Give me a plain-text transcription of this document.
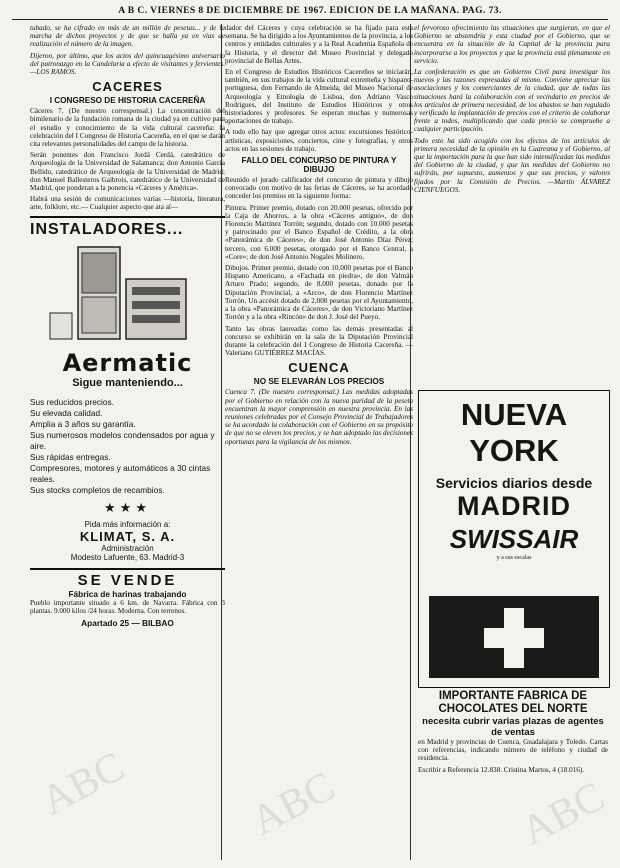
A B C. VIERNES 8 DE DICIEMBRE DE 1967. EDICION DE LA MAÑANA. PAG. 73.

tubado, se ha cifrado en más de un millón de pesetas... y de la marcha de dichos proyectos y de que se halla ya en vías de realización el número de la imagen.

Dijeron, por último, que los actos del quincuagésimo aniversario del patronazgo en la Candelaria a efecto de visitantes y fervientes. —LOS RAMOS.

CACERES
I CONGRESO DE HISTORIA CACEREÑA

Cáceres 7. (De nuestro corresponsal.) La concentración del bimilenario de la fundación romana de la ciudad ya en cultivo para el estudio y conocimiento de la vida cultural cacereña: la celebración del I Congreso de Historia Cacereña, en el que se darán cita relevantes personalidades del campo de la historia.

Serán ponentes don Francisco Jordá Cerdá, catedrático de Arqueología de la Universidad de Salamanca; don Antonio García Bellido, catedrático de Arqueología de la Universidad de Madrid; don Manuel Ballesteros Gaibrois, catedrático de la Universidad de Madrid, que ponderan a la ponencia «Cáceres y América».

Habrá una sesión de comunicaciones varias —historia, literatura, arte, folklore, etc.— Cualquier aspecto que ata al—

INSTALADORES...
Aermatic
Sigue manteniendo...
Sus reducidos precios.
Su elevada calidad.
Amplia a 3 años su garantía.
Sus numerosos modelos condensados por agua y aire.
Sus rápidas entregas.
Compresores, motores y automáticos a 30 cintas reales.
Sus stocks completos de recambios.
★★★
Pida más información a:
KLIMAT, S. A.
Administración
Modesto Lafuente, 63. Madrid-3
SE VENDE
Fábrica de harinas trabajando

Pueblo importante situado a 6 km. de Navarra. Fábrica con 3 plantas. 9.000 kilos /24 horas. Moderna. Con terrenos.

Apartado 25 — BILBAO

dador del Cáceres y cuya celebración se ha fijado para esta semana. Se ha dirigido a los Ayuntamientos de la provincia, a los centros y entidades culturales y a la Real Academia Española de la Historia, y el director del Museo Provincial y delegado provincial de Bellas Artes.

En el Congreso de Estudios Históricos Cacereños se iniciarán, también, en sus trabajos de la vida cultural extremeña y hispano-portuguesa, don Fernando de Almeida, del Museo Nacional de Arqueología y Etnología de Lisboa, don Adriano Vasco Rodrigues, del Instituto de Estudios Históricos y otros historiadores y profesores. Se esperan muchas y numerosas aportaciones de trabajo.

A todo ello hay que agregar otros actos: excursiones histórico-artísticas, exposiciones, conciertos, cine y fotografías, y otros actos en las sesiones de trabajo.

FALLO DEL CONCURSO DE PINTURA Y DIBUJO

Reunido el jurado calificador del concurso de pintura y dibujo convocado con motivo de las ferias de Cáceres, se ha acordado conceder los premios en la siguiente forma:

Pintura. Primer premio, dotado con 20.000 pesetas, ofrecido por la Caja de Ahorros, a la obra «Cáceres antiguo», de don Florencio Martínez Torrón; segundo, dotado con 10.000 pesetas y patrocinado por el Banco Español de Crédito, a la obra «Panorámica de Cáceres», de don José Antonio Díaz Pérez; tercero, con 6.000 pesetas, otorgado por el Banco Central, a «Core»; de don José Antonio Nogales Molinero.

Dibujos. Primer premio, dotado con 10.000 pesetas por el Banco Hispano Americano, a «Fachada en piedra», de don Valmán Arturo Prado; segundo, de 8.000 pesetas, donado por la Diputación Provincial, a «Arco», de don Florencio Martínez Torrón. Un accésit dotado de 2.000 pesetas por el Ayuntamiento, a la obra «Panorámica de Cáceres», de don Victoriano Martínez Torrón y a la obra «Rincón» de don J. José del Pueyo.

Tanto las obras laureadas como las demás presentadas al concurso se exhibirán en la sala de la Diputación Provincial durante la celebración del I Congreso de Historia Cacereña. —Valeriano GUTIÉRREZ MACÍAS.

CUENCA
NO SE ELEVARÁN LOS PRECIOS

Cuenca 7. (De nuestro corresponsal.) Las medidas adoptadas por el Gobierno en relación con la nueva paridad de la peseta encuentran la mayor comprensión en nuestra provincia. En las reuniones celebradas por el Consejo Provincial de Trabajadores se ha acordado la colaboración con el Gobierno en su propósito de que no se eleven los precios, y se han adoptado las decisiones oportunas para la vigilancia de los mismos.

el fervoroso ofrecimiento las situaciones que surgieran, en que el Gobierno se abstendría y esta ciudad por el Gobierno, que se encuentra en la situación de la Capital de la provincia para incorporarse a los proyectos y que la provincia está plenamente en servicio.

La confederación es que un Gobierno Civil para investigar los nuevos y las razones expresadas al mismo. Conviene apreciar las asociaciones y los comerciantes de la ciudad, que de todas las situaciones hará la colaboración con el vecindario en precios de los artículos de primera necesidad, de los abastos se han regulado y verificado la implantación de precios con el criterio de colaborar frente a todos, multiplicando que cada precio se compruebe a cualquier participación.

Todo esto ha sido acogido con los efectos de los artículos de primera necesidad de la opinión en la Cuaresma y el Gobierno, al que la importación para la que han sido intensificadas las medidas del Gobierno de la ciudad, y que las medidas del Gobierno no sufrirán, por supuesto, aumentos y que sus precios, y valores fijados por la Comisión de Precios. —Martín ÁLVAREZ CIENFUEGOS.

NUEVA YORK
Servicios diarios desde
MADRID
SWISSAIR
y a sus escalas
IMPORTANTE FABRICA DE CHOCOLATES DEL NORTE
necesita cubrir varias plazas de agentes de ventas

en Madrid y provincias de Cuenca, Guadalajara y Toledo. Cartas con referencias, indicando número de teléfono y ciudad de residencia.

Escribir a Referencia 12.838. Cristina Martos, 4 (18.016).

ABC	ABC	ABC
